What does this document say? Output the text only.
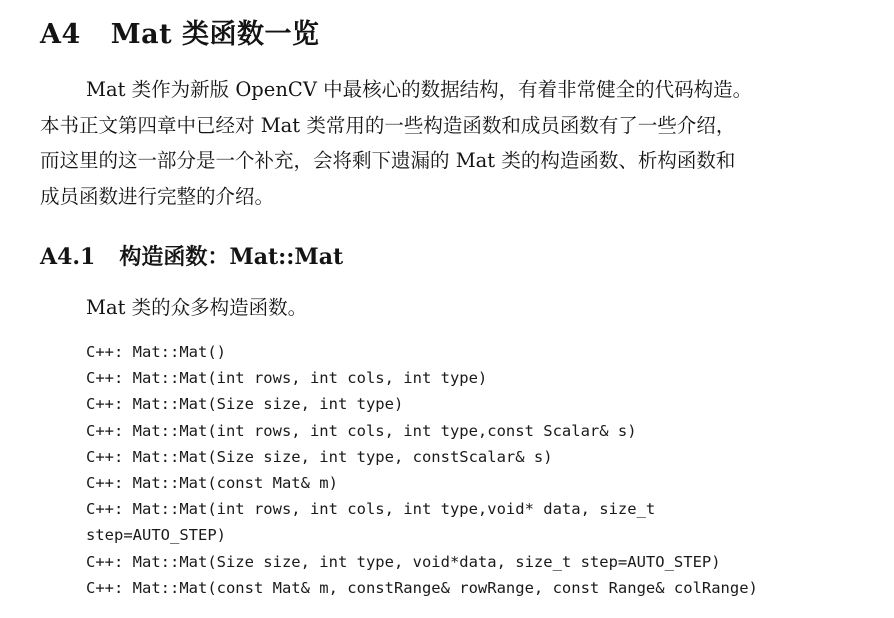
A4 Mat 类函数一览
Mat 类作为新版 OpenCV 中最核心的数据结构，有着非常健全的代码构造。
本书正文第四章中已经对 Mat 类常用的一些构造函数和成员函数有了一些介绍，
而这里的这一部分是一个补充，会将剩下遗漏的 Mat 类的构造函数、析构函数和
成员函数进行完整的介绍。
A4.1 构造函数：Mat::Mat
Mat 类的众多构造函数。
C++: Mat::Mat()
C++: Mat::Mat(int rows, int cols, int type)
C++: Mat::Mat(Size size, int type)
C++: Mat::Mat(int rows, int cols, int type,const Scalar& s)
C++: Mat::Mat(Size size, int type, constScalar& s)
C++: Mat::Mat(const Mat& m)
C++: Mat::Mat(int rows, int cols, int type,void* data, size_t
step=AUTO_STEP)
C++: Mat::Mat(Size size, int type, void*data, size_t step=AUTO_STEP)
C++: Mat::Mat(const Mat& m, constRange& rowRange, const Range& colRange)
